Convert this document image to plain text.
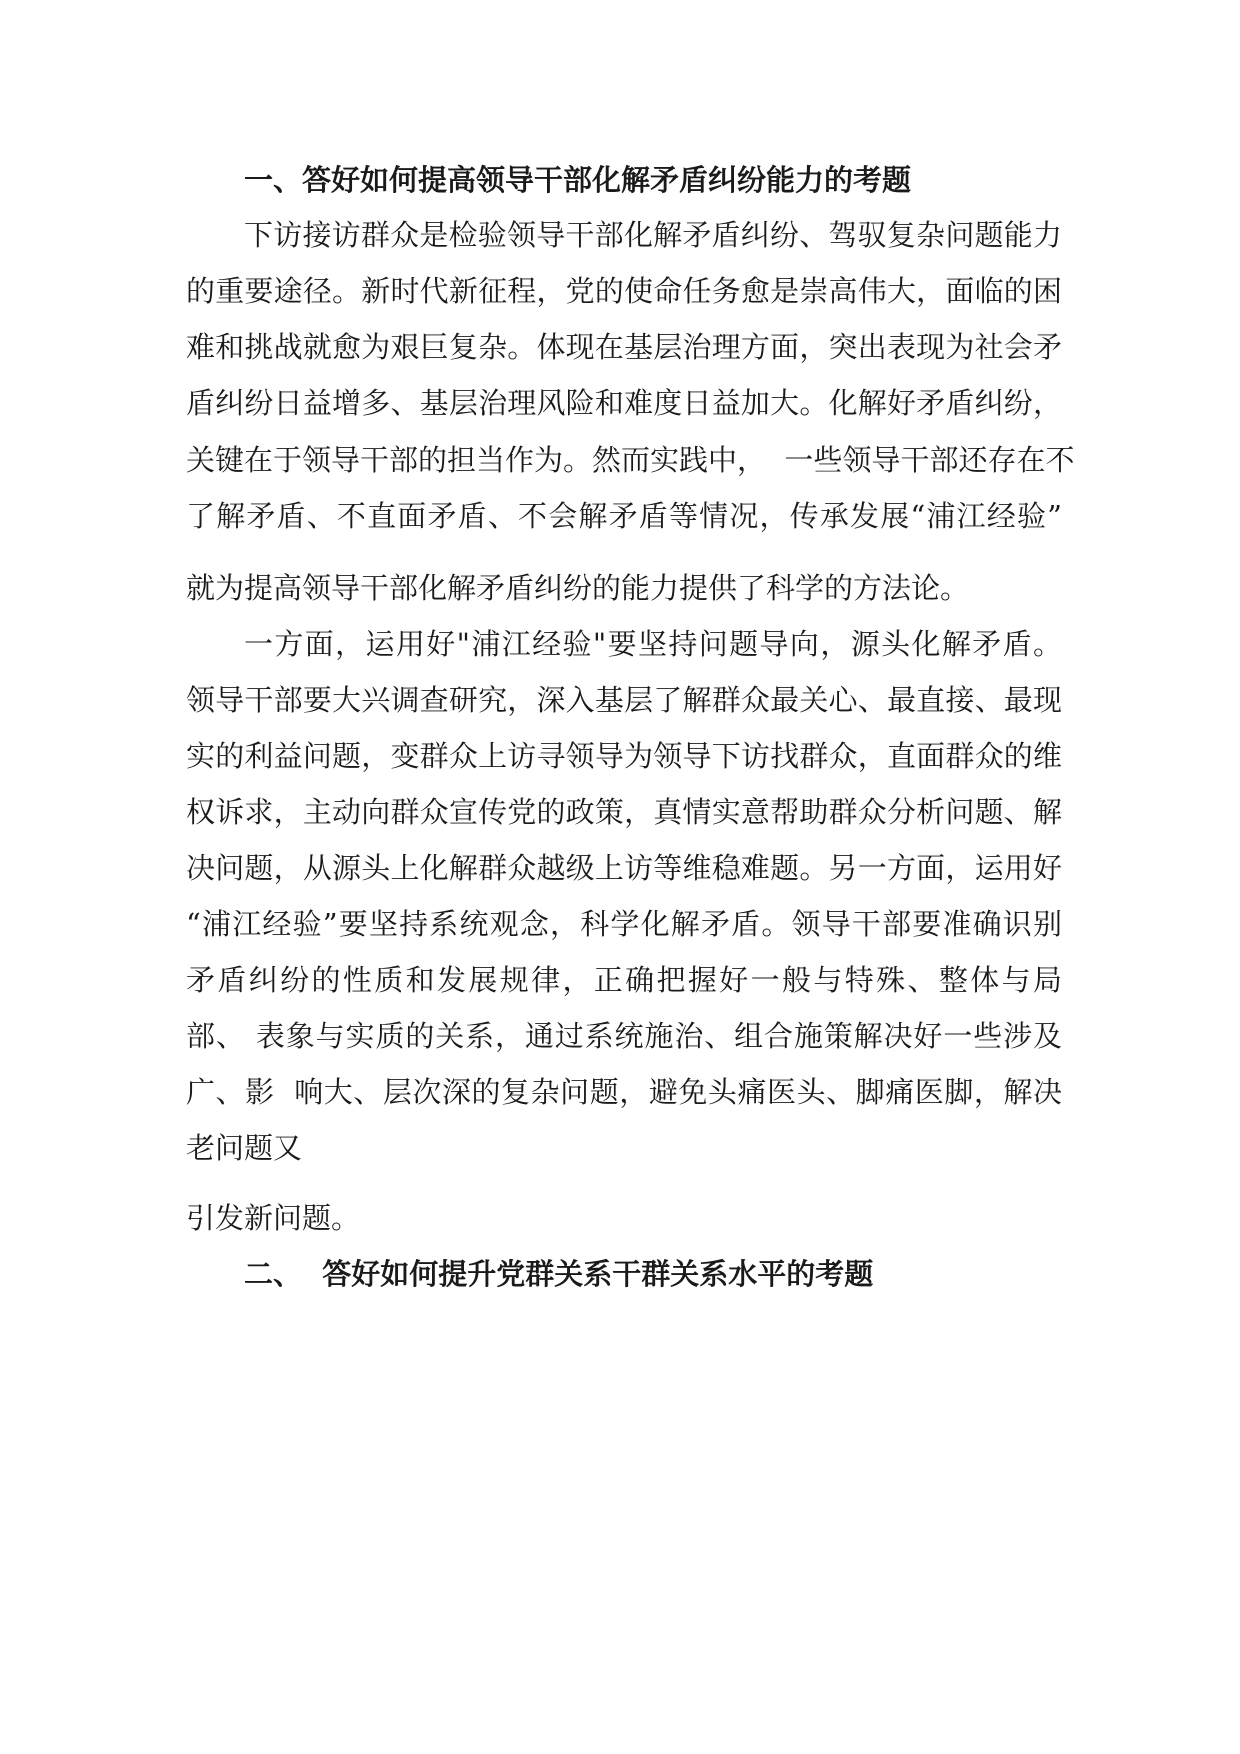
一、答好如何提高领导干部化解矛盾纠纷能力的考题
下访接访群众是检验领导干部化解矛盾纠纷、驾驭复杂问题能力
的重要途径。新时代新征程，党的使命任务愈是崇高伟大，面临的困
难和挑战就愈为艰巨复杂。体现在基层治理方面，突出表现为社会矛
盾纠纷日益增多、基层治理风险和难度日益加大。化解好矛盾纠纷，
关键在于领导干部的担当作为。然而实践中，  一些领导干部还存在不
了解矛盾、不直面矛盾、不会解矛盾等情况，传承发展“浦江经验”
就为提高领导干部化解矛盾纠纷的能力提供了科学的方法论。
一方面，运用好"浦江经验"要坚持问题导向，源头化解矛盾。
领导干部要大兴调查研究，深入基层了解群众最关心、最直接、最现
实的利益问题，变群众上访寻领导为领导下访找群众，直面群众的维
权诉求，主动向群众宣传党的政策，真情实意帮助群众分析问题、解
决问题，从源头上化解群众越级上访等维稳难题。另一方面，运用好
“浦江经验”要坚持系统观念，科学化解矛盾。领导干部要准确识别
矛盾纠纷的性质和发展规律，正确把握好一般与特殊、整体与局
部、 表象与实质的关系，通过系统施治、组合施策解决好一些涉及
广、影  响大、层次深的复杂问题，避免头痛医头、脚痛医脚，解决
老问题又
引发新问题。
二、  答好如何提升党群关系干群关系水平的考题
